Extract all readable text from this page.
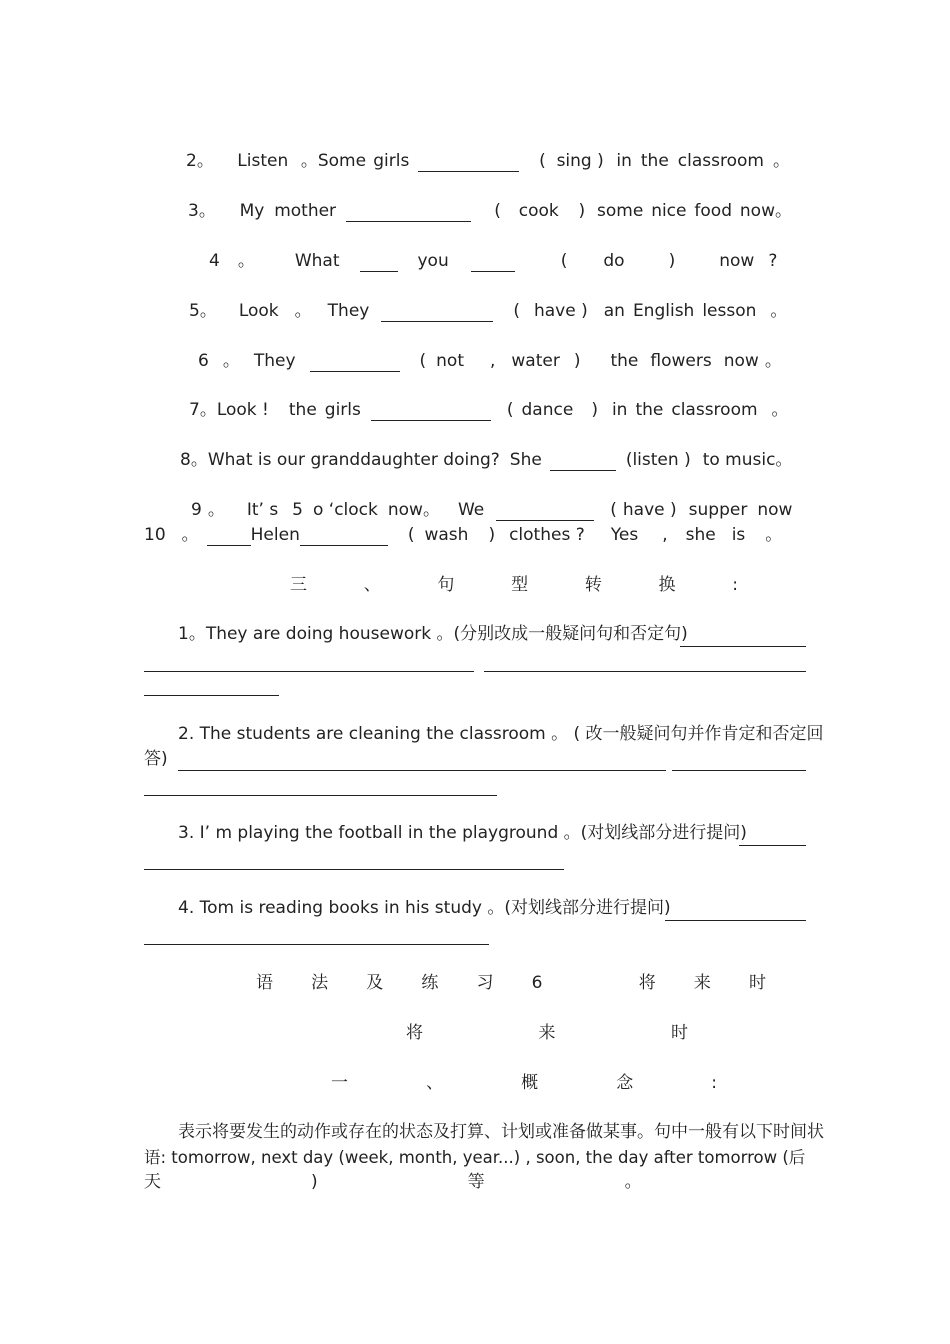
2。 Listen 。Some girls	( sing ) in the classroom 。
3。 My mother	( cook ) some nice food now。
4 。 What	you	( do	)	now ?
5。 Look 。 They	( have ) an English lesson 。
6 。 They	( not , water ) the flowers now 。
7 。Look ! the girls	( dance ) in the classroom 。
8 。What is our granddaughter doing? She	(listen ) to music。
9 。 It’ s 5 o ‘clock now。 We	( have ) supper now
10 。	Helen	( wash ) clothes ? Yes , she is 。
三	、	句	型	转	换	:
1。They are doing housework 。(分别改成一般疑问句和否定句)
2. The students are cleaning the classroom 。 ( 改一般疑问句并作肯定和否定回
答)
3. I’ m playing the football in the playground 。(对划线部分进行提问)
4. Tom is reading books in his study 。(对划线部分进行提问)
语 法 及 练 习 6	将 来 时
将	来	时
一	、	概	念	:
表示将要发生的动作或存在的状态及打算、计划或准备做某事。句中一般有以下时间状
语: tomorrow, next day (week, month, year...) , soon, the day after tomorrow (后
天	)	等	。
